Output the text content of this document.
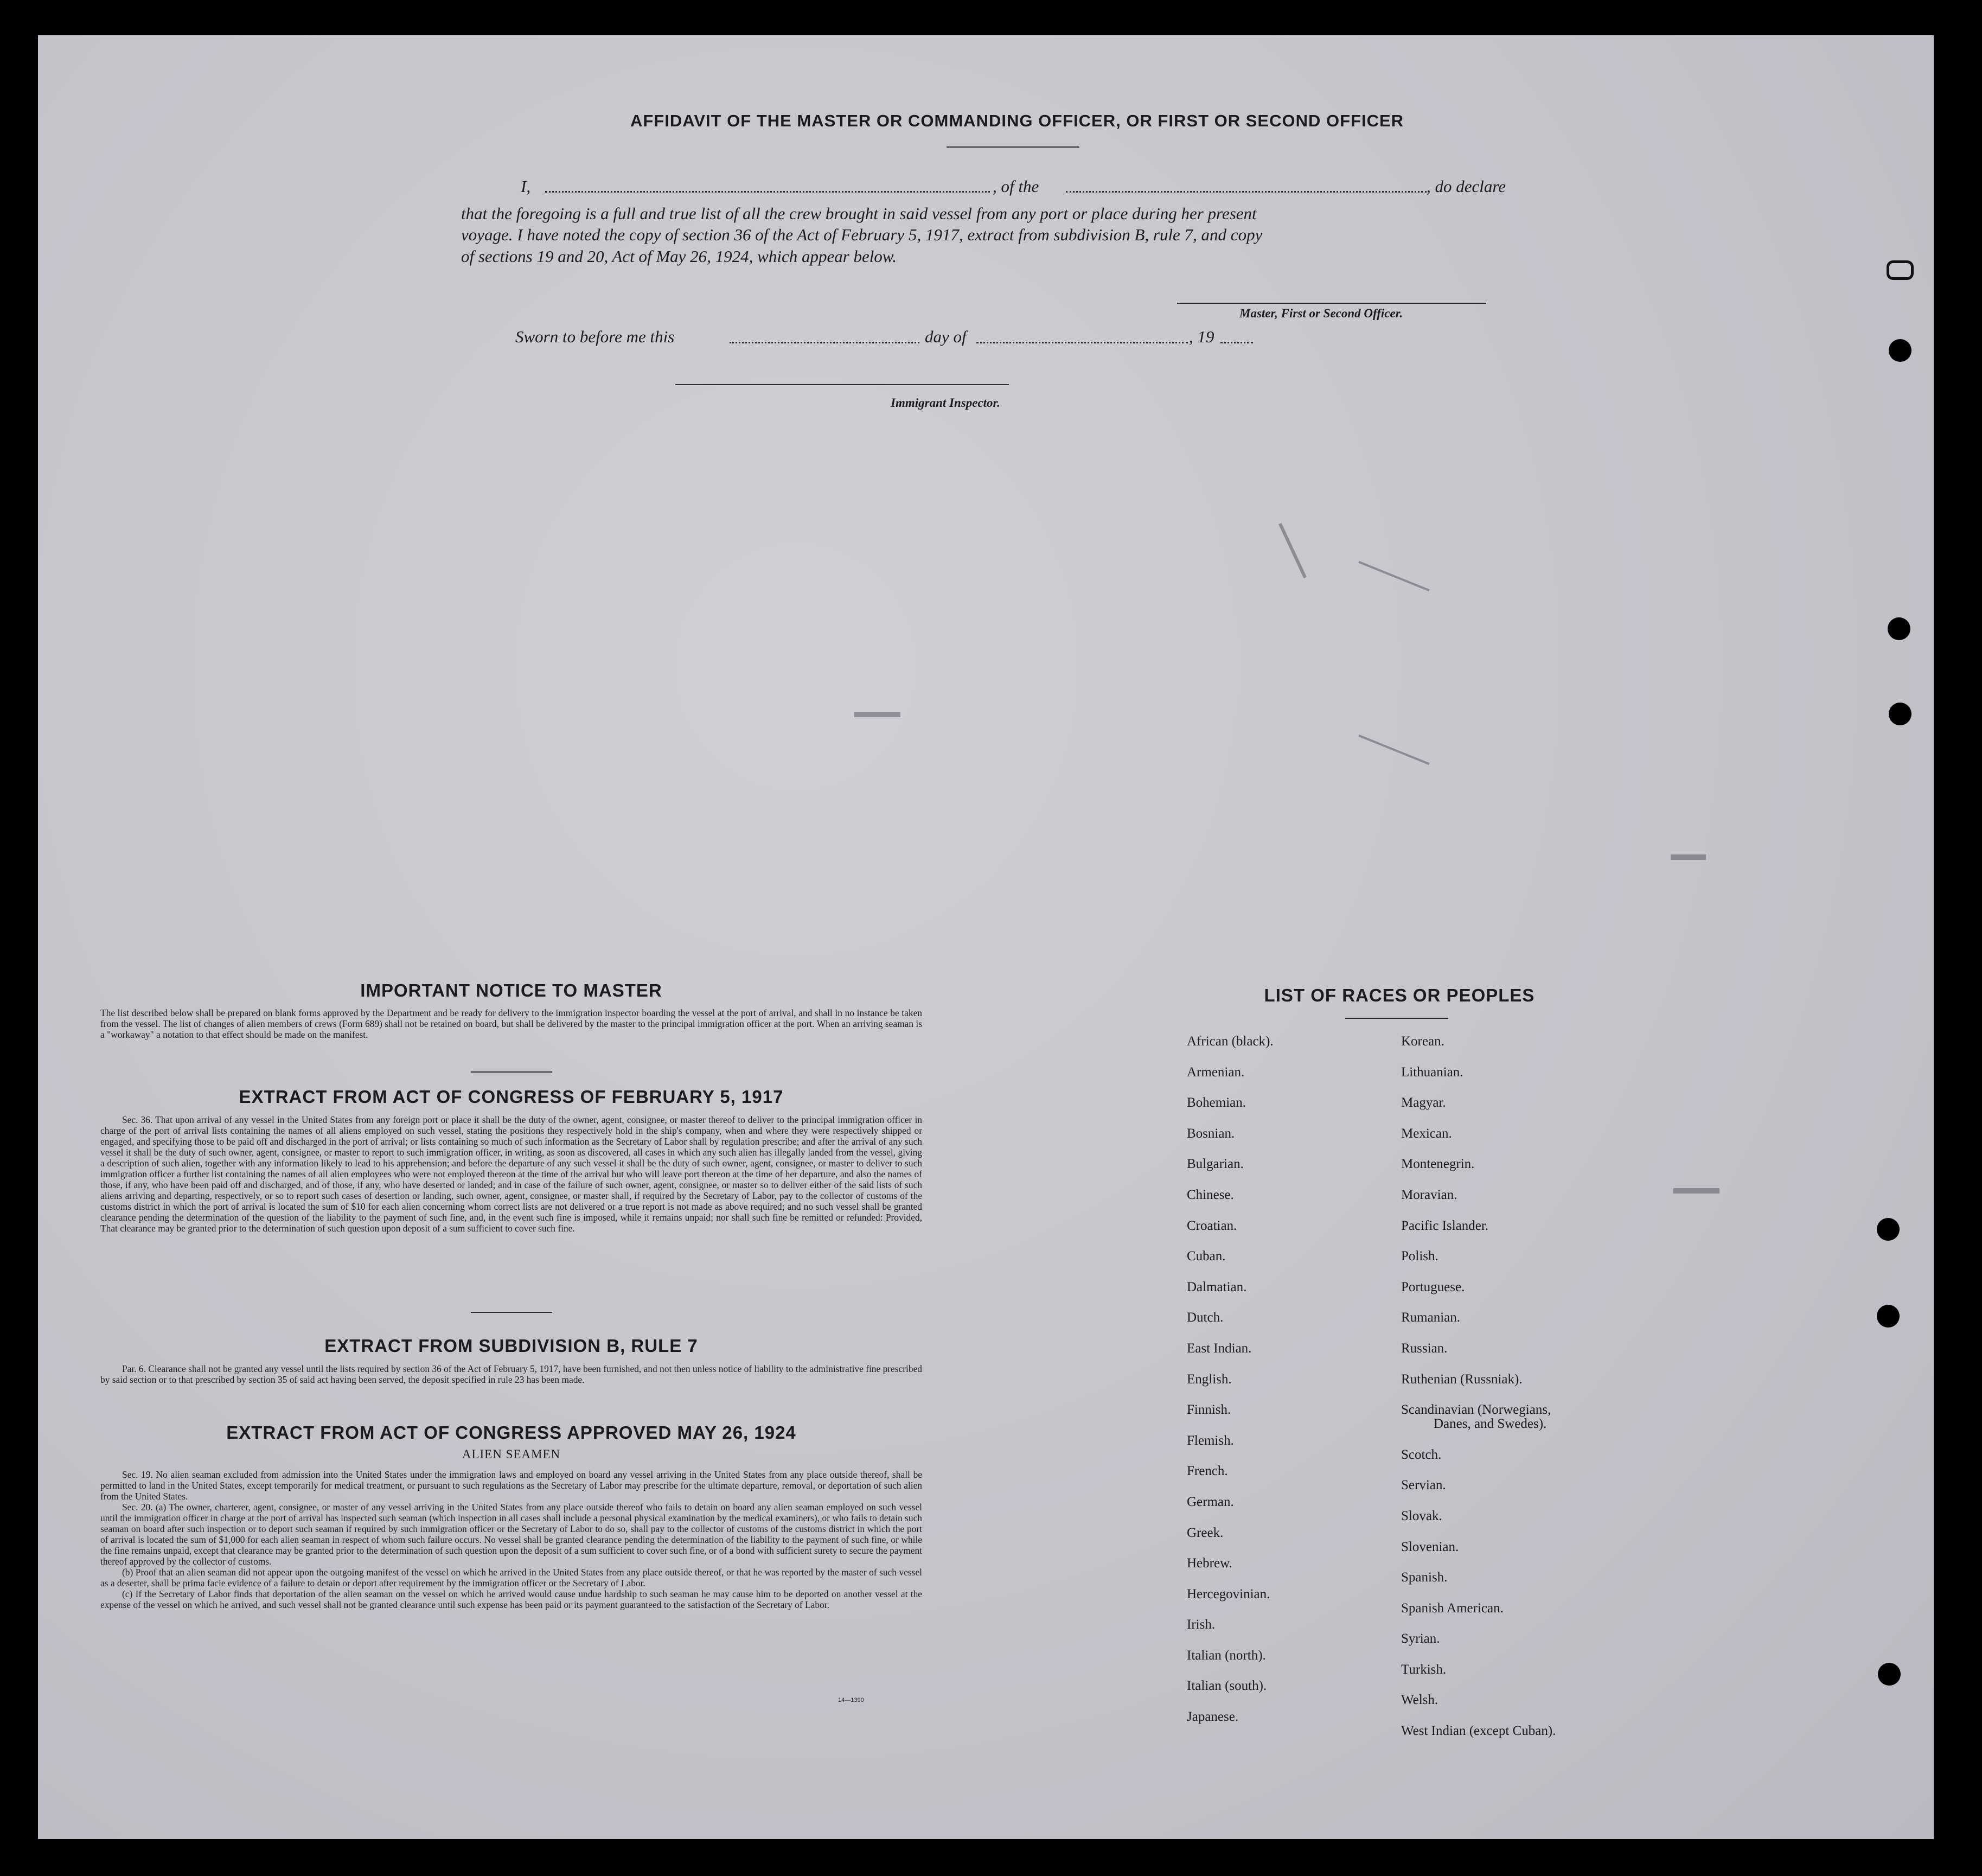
AFFIDAVIT OF THE MASTER OR COMMANDING OFFICER, OR FIRST OR SECOND OFFICER
I,	, of the	, do declare
that the foregoing is a full and true list of all the crew brought in said vessel from any port or place during her present
voyage. I have noted the copy of section 36 of the Act of February 5, 1917, extract from subdivision B, rule 7, and copy
of sections 19 and 20, Act of May 26, 1924, which appear below.
Master, First or Second Officer.
Sworn to before me this	day of	, 19
Immigrant Inspector.
IMPORTANT NOTICE TO MASTER
The list described below shall be prepared on blank forms approved by the Department and be ready for delivery to the immigration inspector boarding the vessel at the port of arrival, and shall in no instance be taken from the vessel. The list of changes of alien members of crews (Form 689) shall not be retained on board, but shall be delivered by the master to the principal immigration officer at the port. When an arriving seaman is a "workaway" a notation to that effect should be made on the manifest.
EXTRACT FROM ACT OF CONGRESS OF FEBRUARY 5, 1917
Sec. 36. That upon arrival of any vessel in the United States from any foreign port or place it shall be the duty of the owner, agent, consignee, or master thereof to deliver to the principal immigration officer in charge of the port of arrival lists containing the names of all aliens employed on such vessel, stating the positions they respectively hold in the ship's company, when and where they were respectively shipped or engaged, and specifying those to be paid off and discharged in the port of arrival; or lists containing so much of such information as the Secretary of Labor shall by regulation prescribe; and after the arrival of any such vessel it shall be the duty of such owner, agent, consignee, or master to report to such immigration officer, in writing, as soon as discovered, all cases in which any such alien has illegally landed from the vessel, giving a description of such alien, together with any information likely to lead to his apprehension; and before the departure of any such vessel it shall be the duty of such owner, agent, consignee, or master to deliver to such immigration officer a further list containing the names of all alien employees who were not employed thereon at the time of the arrival but who will leave port thereon at the time of her departure, and also the names of those, if any, who have been paid off and discharged, and of those, if any, who have deserted or landed; and in case of the failure of such owner, agent, consignee, or master so to deliver either of the said lists of such aliens arriving and departing, respectively, or so to report such cases of desertion or landing, such owner, agent, consignee, or master shall, if required by the Secretary of Labor, pay to the collector of customs of the customs district in which the port of arrival is located the sum of $10 for each alien concerning whom correct lists are not delivered or a true report is not made as above required; and no such vessel shall be granted clearance pending the determination of the question of the liability to the payment of such fine, and, in the event such fine is imposed, while it remains unpaid; nor shall such fine be remitted or refunded: Provided, That clearance may be granted prior to the determination of such question upon deposit of a sum sufficient to cover such fine.
EXTRACT FROM SUBDIVISION B, RULE 7
Par. 6. Clearance shall not be granted any vessel until the lists required by section 36 of the Act of February 5, 1917, have been furnished, and not then unless notice of liability to the administrative fine prescribed by said section or to that prescribed by section 35 of said act having been served, the deposit specified in rule 23 has been made.
EXTRACT FROM ACT OF CONGRESS APPROVED MAY 26, 1924
ALIEN SEAMEN
Sec. 19. No alien seaman excluded from admission into the United States under the immigration laws and employed on board any vessel arriving in the United States from any place outside thereof, shall be permitted to land in the United States, except temporarily for medical treatment, or pursuant to such regulations as the Secretary of Labor may prescribe for the ultimate departure, removal, or deportation of such alien from the United States.
Sec. 20. (a) The owner, charterer, agent, consignee, or master of any vessel arriving in the United States from any place outside thereof who fails to detain on board any alien seaman employed on such vessel until the immigration officer in charge at the port of arrival has inspected such seaman (which inspection in all cases shall include a personal physical examination by the medical examiners), or who fails to detain such seaman on board after such inspection or to deport such seaman if required by such immigration officer or the Secretary of Labor to do so, shall pay to the collector of customs of the customs district in which the port of arrival is located the sum of $1,000 for each alien seaman in respect of whom such failure occurs. No vessel shall be granted clearance pending the determination of the liability to the payment of such fine, or while the fine remains unpaid, except that clearance may be granted prior to the determination of such question upon the deposit of a sum sufficient to cover such fine, or of a bond with sufficient surety to secure the payment thereof approved by the collector of customs.
(b) Proof that an alien seaman did not appear upon the outgoing manifest of the vessel on which he arrived in the United States from any place outside thereof, or that he was reported by the master of such vessel as a deserter, shall be prima facie evidence of a failure to detain or deport after requirement by the immigration officer or the Secretary of Labor.
(c) If the Secretary of Labor finds that deportation of the alien seaman on the vessel on which he arrived would cause undue hardship to such seaman he may cause him to be deported on another vessel at the expense of the vessel on which he arrived, and such vessel shall not be granted clearance until such expense has been paid or its payment guaranteed to the satisfaction of the Secretary of Labor.
14—1390
LIST OF RACES OR PEOPLES
African (black).
Armenian.
Bohemian.
Bosnian.
Bulgarian.
Chinese.
Croatian.
Cuban.
Dalmatian.
Dutch.
East Indian.
English.
Finnish.
Flemish.
French.
German.
Greek.
Hebrew.
Hercegovinian.
Irish.
Italian (north).
Italian (south).
Japanese.
Korean.
Lithuanian.
Magyar.
Mexican.
Montenegrin.
Moravian.
Pacific Islander.
Polish.
Portuguese.
Rumanian.
Russian.
Ruthenian (Russniak).
Scandinavian (Norwegians,
Danes, and Swedes).
Scotch.
Servian.
Slovak.
Slovenian.
Spanish.
Spanish American.
Syrian.
Turkish.
Welsh.
West Indian (except Cuban).
